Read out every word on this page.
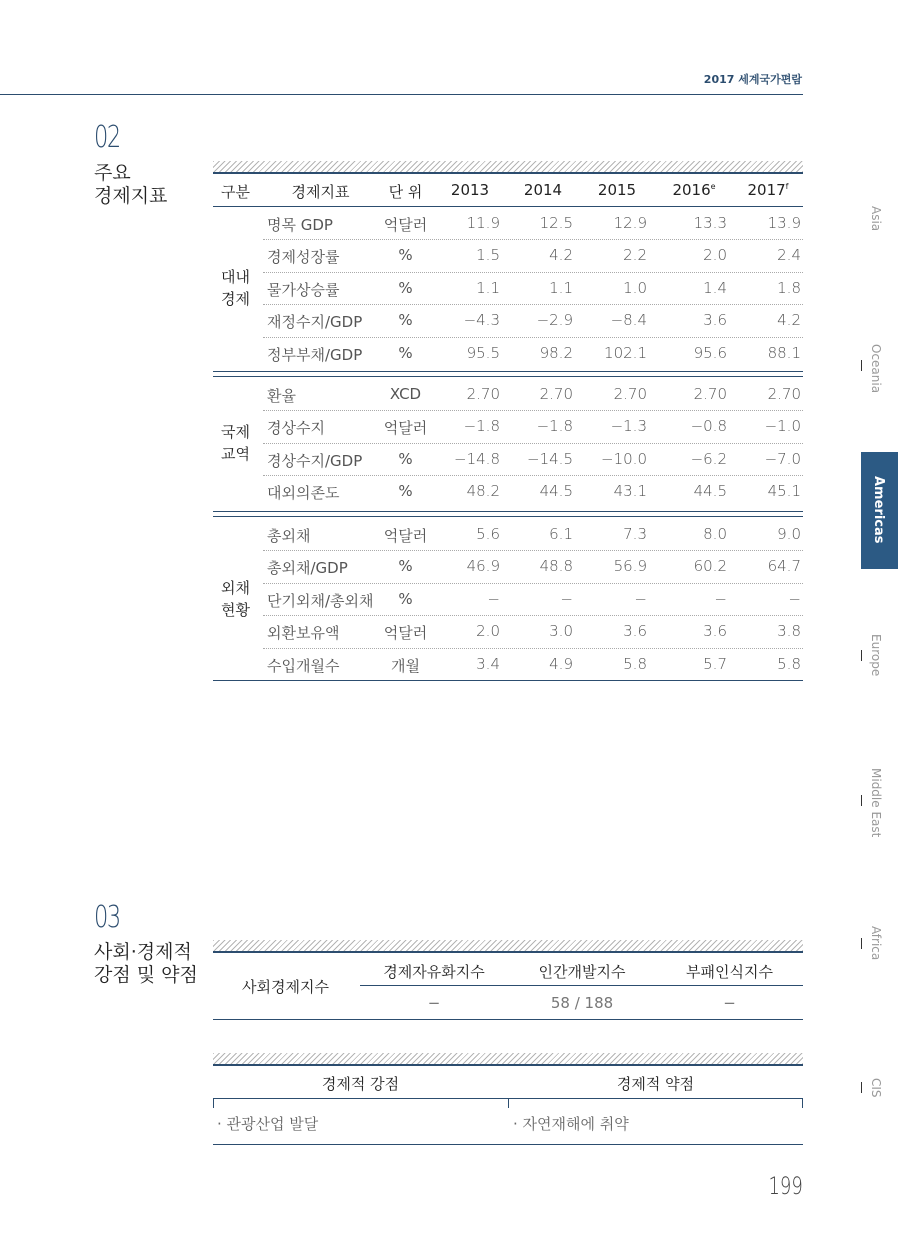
2017 세계국가편람
02
주요
경제지표	구분	경제지표	단 위	2013	2014	2015	2016e	2017$^f$
대내
경제
명목 GDP	억달러	11.9	12.5	12.9	13.3	13.9
경제성장률	%	1.5	4.2	2.2	2.0	2.4
물가상승률	%	1.1	1.1	1.0	1.4	1.8
재정수지/GDP	%	−4.3	−2.9	−8.4	3.6	4.2
정부부채/GDP	%	95.5	98.2	102.1	95.6	88.1
국제
교역
환율	XCD	2.70	2.70	2.70	2.70	2.70
경상수지	억달러	−1.8	−1.8	−1.3	−0.8	−1.0
경상수지/GDP	%	−14.8	−14.5	−10.0	−6.2	−7.0
대외의존도	%	48.2	44.5	43.1	44.5	45.1
외채
현황
총외채	억달러	5.6	6.1	7.3	8.0	9.0
총외채/GDP	%	46.9	48.8	56.9	60.2	64.7
단기외채/총외채	%	−	−	−	−	−
외환보유액	억달러	2.0	3.0	3.6	3.6	3.8
수입개월수	개월	3.4	4.9	5.8	5.7	5.8
03
사회·경제적
강점 및 약점
사회경제지수
경제자유화지수	인간개발지수	부패인식지수
−	58 / 188	−
경제적 강점	경제적 약점
· 관광산업 발달	· 자연재해에 취약
Asia
Oceania
Americas
Europe
Middle East
Africa
CIS
199
